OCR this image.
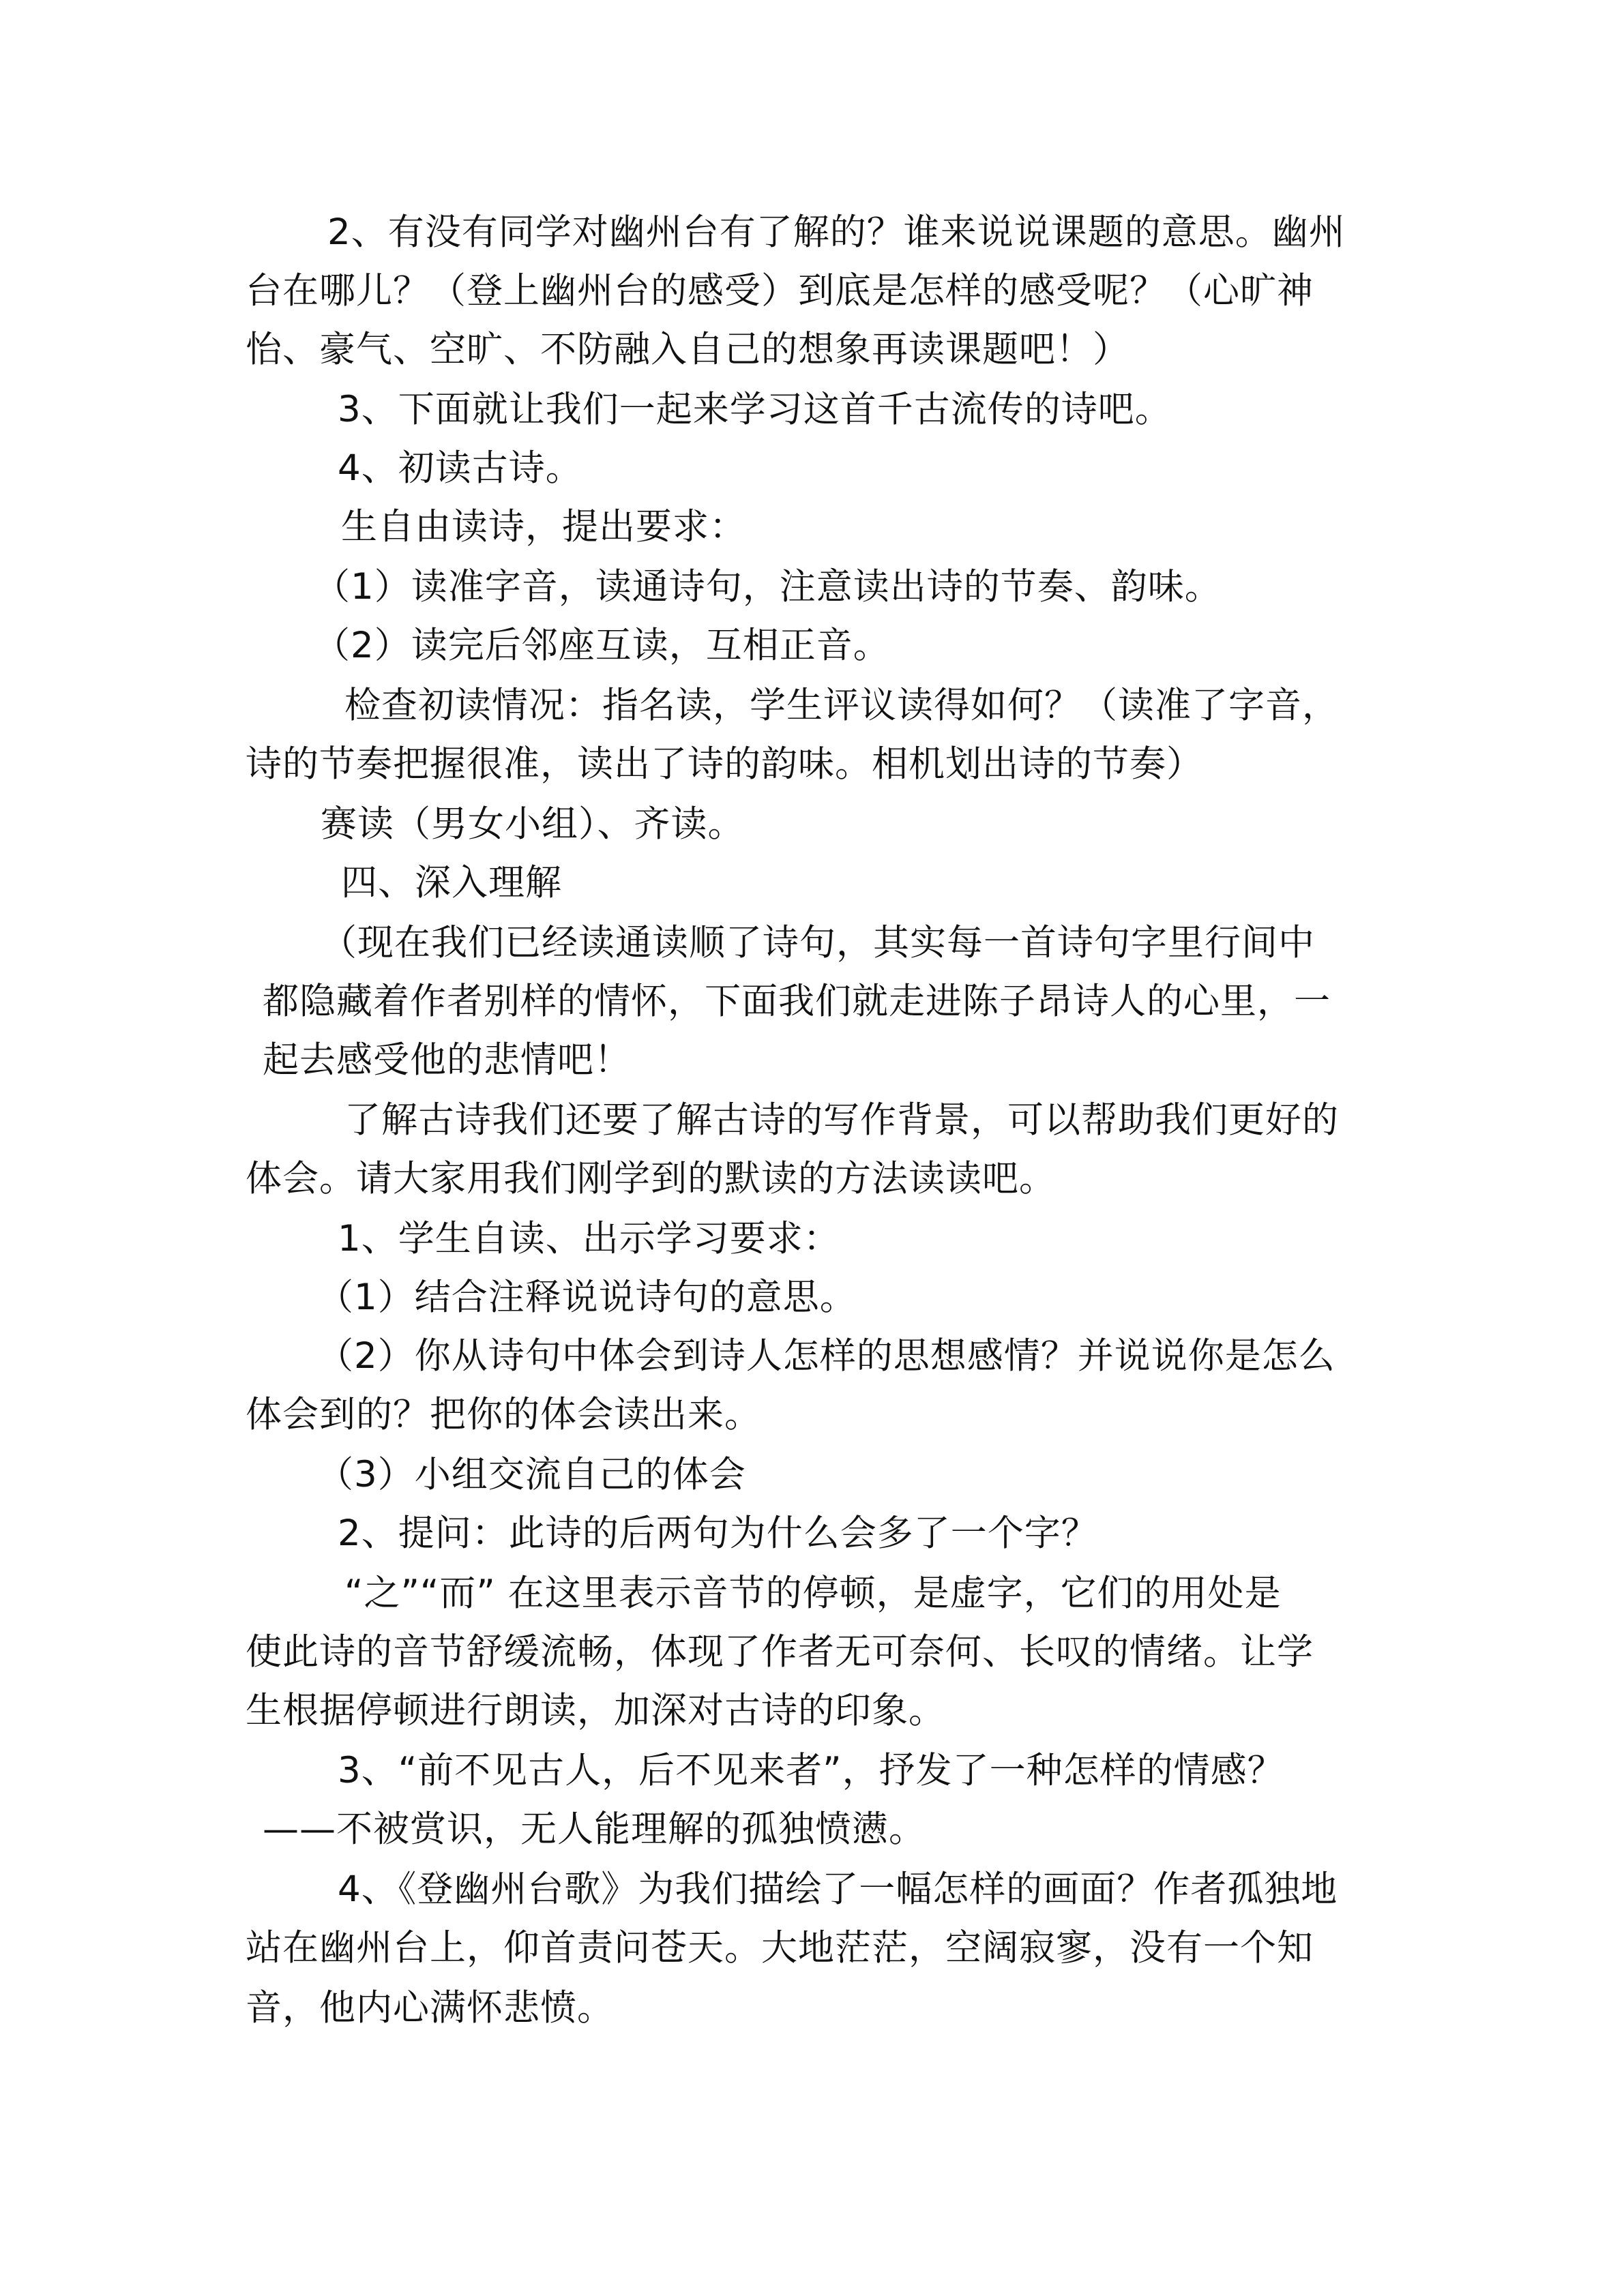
2、有没有同学对幽州台有了解的？谁来说说课题的意思。幽州
台在哪儿？（登上幽州台的感受）到底是怎样的感受呢？（心旷神
怡、豪气、空旷、不防融入自己的想象再读课题吧！）
3、下面就让我们一起来学习这首千古流传的诗吧。
4、初读古诗。
生自由读诗，提出要求：
（1）读准字音，读通诗句，注意读出诗的节奏、韵味。
（2）读完后邻座互读，互相正音。
检查初读情况：指名读，学生评议读得如何？（读准了字音，
诗的节奏把握很准，读出了诗的韵味。相机划出诗的节奏）
赛读（男女小组）、齐读。
四、深入理解
（现在我们已经读通读顺了诗句，其实每一首诗句字里行间中
都隐藏着作者别样的情怀，下面我们就走进陈子昂诗人的心里，一
起去感受他的悲情吧！
了解古诗我们还要了解古诗的写作背景，可以帮助我们更好的
体会。请大家用我们刚学到的默读的方法读读吧。
1、学生自读、出示学习要求：
（1）结合注释说说诗句的意思。
（2）你从诗句中体会到诗人怎样的思想感情？并说说你是怎么
体会到的？把你的体会读出来。
（3）小组交流自己的体会
2、提问：此诗的后两句为什么会多了一个字？
“之”“而” 在这里表示音节的停顿，是虚字，它们的用处是
使此诗的音节舒缓流畅，体现了作者无可奈何、长叹的情绪。让学
生根据停顿进行朗读，加深对古诗的印象。
3、“前不见古人，后不见来者”，抒发了一种怎样的情感？
——不被赏识，无人能理解的孤独愤懑。
4、《登幽州台歌》为我们描绘了一幅怎样的画面？作者孤独地
站在幽州台上，仰首责问苍天。大地茫茫，空阔寂寥，没有一个知
音，他内心满怀悲愤。
